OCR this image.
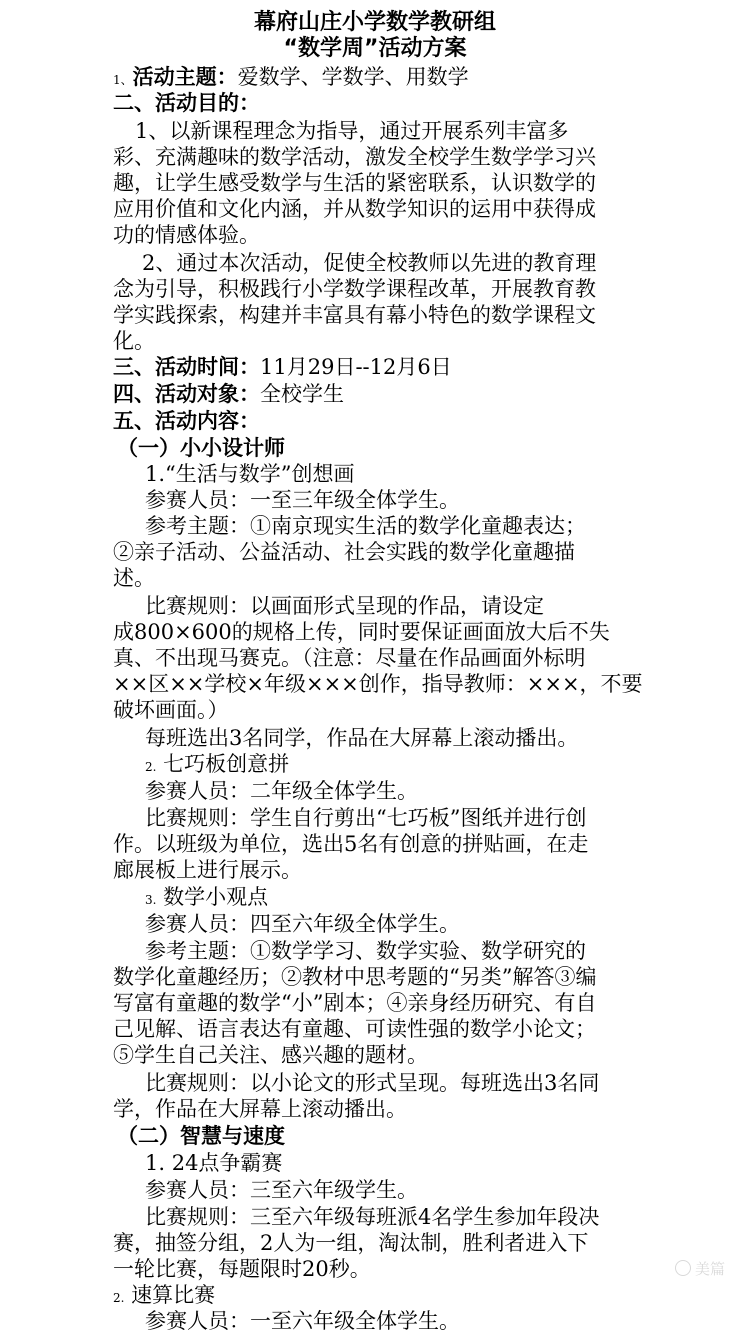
幕府山庄小学数学教研组
“数学周”活动方案
1、活动主题：爱数学、学数学、用数学
二、活动目的：
1、以新课程理念为指导，通过开展系列丰富多
彩、充满趣味的数学活动，激发全校学生数学学习兴
趣，让学生感受数学与生活的紧密联系，认识数学的
应用价值和文化内涵，并从数学知识的运用中获得成
功的情感体验。
2、通过本次活动，促使全校教师以先进的教育理
念为引导，积极践行小学数学课程改革，开展教育教
学实践探索，构建并丰富具有幕小特色的数学课程文
化。
三、活动时间：11月29日--12月6日
四、活动对象：全校学生
五、活动内容：
（一）小小设计师
1.“生活与数学”创想画
参赛人员：一至三年级全体学生。
参考主题：①南京现实生活的数学化童趣表达；
②亲子活动、公益活动、社会实践的数学化童趣描
述。
比赛规则：以画面形式呈现的作品，请设定
成800×600的规格上传，同时要保证画面放大后不失
真、不出现马赛克。（注意：尽量在作品画面外标明
××区××学校×年级×××创作，指导教师：×××，不要
破坏画面。）
每班选出3名同学，作品在大屏幕上滚动播出。
2. 七巧板创意拼
参赛人员：二年级全体学生。
比赛规则：学生自行剪出“七巧板”图纸并进行创
作。以班级为单位，选出5名有创意的拼贴画，在走
廊展板上进行展示。
3. 数学小观点
参赛人员：四至六年级全体学生。
参考主题：①数学学习、数学实验、数学研究的
数学化童趣经历；②教材中思考题的“另类”解答③编
写富有童趣的数学“小”剧本；④亲身经历研究、有自
己见解、语言表达有童趣、可读性强的数学小论文；
⑤学生自己关注、感兴趣的题材。
比赛规则：以小论文的形式呈现。每班选出3名同
学，作品在大屏幕上滚动播出。
（二）智慧与速度
1. 24点争霸赛
参赛人员：三至六年级学生。
比赛规则：三至六年级每班派4名学生参加年段决
赛，抽签分组，2人为一组，淘汰制，胜利者进入下
一轮比赛，每题限时20秒。
2. 速算比赛
参赛人员：一至六年级全体学生。
美篇
